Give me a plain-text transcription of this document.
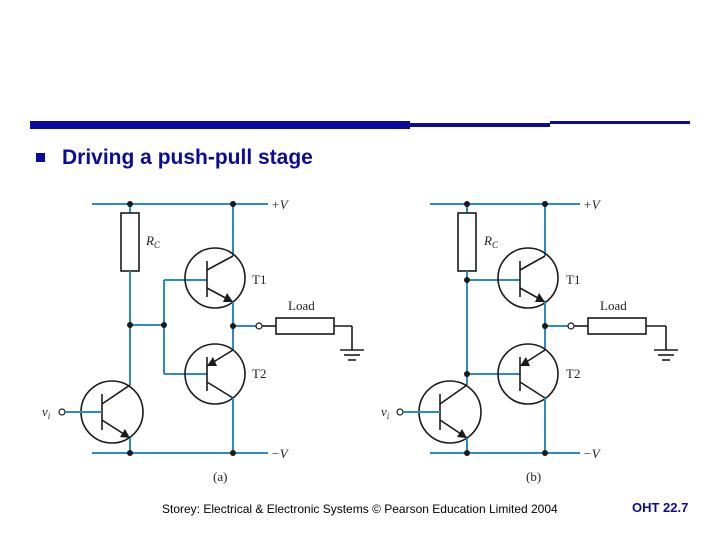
Driving a push-pull stage
+V
−V
$R_C$
T1
T2
Load
$v_i$
(a)
+V
−V
$R_C$
T1
T2
Load
$v_i$
(b)
Storey: Electrical & Electronic Systems © Pearson Education Limited 2004	OHT 22.7
